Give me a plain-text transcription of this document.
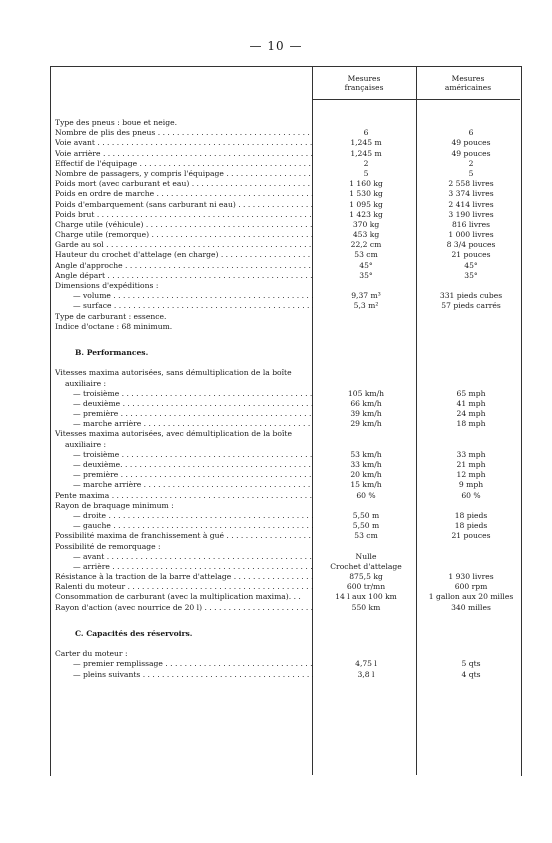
— 10 —
Mesures
françaises
Mesures
américaines
Type des pneus : boue et neige.
Nombre de plis des pneus . . .	6	6
Voie avant . . .	1,245 m	49 pouces
Voie arrière . . .	1,245 m	49 pouces
Effectif de l'équipage . . .	2	2
Nombre de passagers, y compris l'équipage . . .	5	5
Poids mort (avec carburant et eau) . . .	1 160 kg	2 558 livres
Poids en ordre de marche . . .	1 530 kg	3 374 livres
Poids d'embarquement (sans carburant ni eau) . . .	1 095 kg	2 414 livres
Poids brut . . .	1 423 kg	3 190 livres
Charge utile (véhicule) . . .	370 kg	816 livres
Charge utile (remorque) . . .	453 kg	1 000 livres
Garde au sol . . .	22,2 cm	8 3/4 pouces
Hauteur du crochet d'attelage (en charge) . . .	53 cm	21 pouces
Angle d'approche . . .	45°	45°
Angle départ . . .	35°	35°
Dimensions d'expéditions :
— volume . . .	9,37 m³	331 pieds cubes
— surface . . .	5,3 m²	57 pieds carrés
Type de carburant : essence.
Indice d'octane : 68 minimum.
B. Performances.
Vitesses maxima autorisées, sans démultiplication de la boîte
auxiliaire :
— troisième . . .	105 km/h	65 mph
— deuxième . . .	66 km/h	41 mph
— première . . .	39 km/h	24 mph
— marche arrière . . .	29 km/h	18 mph
Vitesses maxima autorisées, avec démultiplication de la boîte
auxiliaire :
— troisième . . .	53 km/h	33 mph
— deuxième. . . .	33 km/h	21 mph
— première . . .	20 km/h	12 mph
— marche arrière . . .	15 km/h	9 mph
Pente maxima . . .	60 %	60 %
Rayon de braquage minimum :
— droite . . .	5,50 m	18 pieds
— gauche . . .	5,50 m	18 pieds
Possibilité maxima de franchissement à gué . . .	53 cm	21 pouces
Possibilité de remorquage :
— avant . . .	Nulle
— arrière . . .	Crochet d'attelage
Résistance à la traction de la barre d'attelage . . .	875,5 kg	1 930 livres
Ralenti du moteur . . .	600 tr/mn	600 rpm
Consommation de carburant (avec la multiplication maxima). . .	14 l aux 100 km	1 gallon aux 20 milles
Rayon d'action (avec nourrice de 20 l) . . .	550 km	340 milles
C. Capacités des réservoirs.
Carter du moteur :
— premier remplissage . . .	4,75 l	5 qts
— pleins suivants . . .	3,8 l	4 qts
